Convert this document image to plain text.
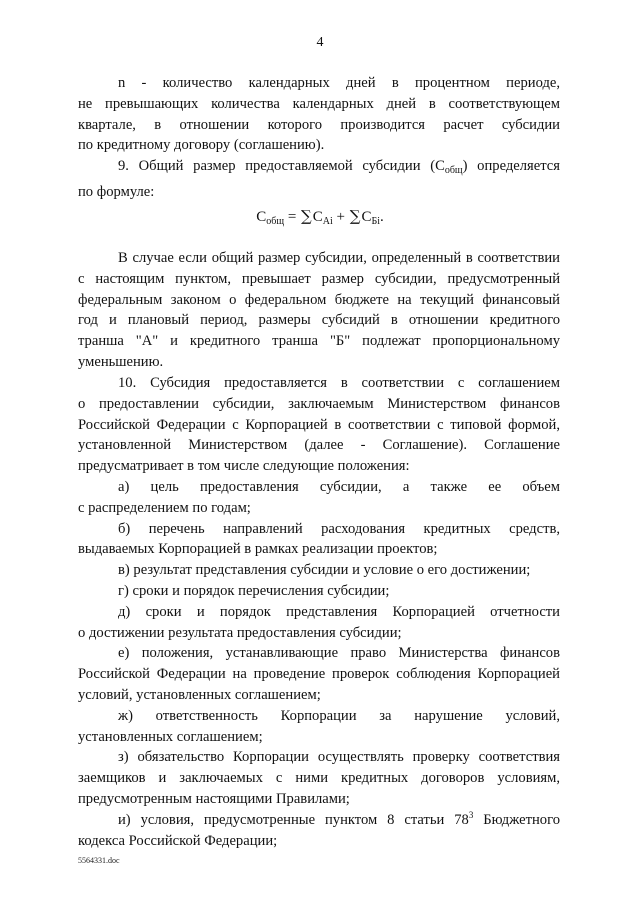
4

n - количество календарных дней в процентном периоде,

не превышающих количества календарных дней в соответствующем

квартале, в отношении которого производится расчет субсидии

по кредитному договору (соглашению).

9. Общий размер предоставляемой субсидии $(С_{общ})$ определяется

по формуле:

$С_{общ} = \sum С_{Ai} + \sum С_{Бi}$.

В случае если общий размер субсидии, определенный в соответствии

с настоящим пунктом, превышает размер субсидии, предусмотренный

федеральным законом о федеральном бюджете на текущий финансовый

год и плановый период, размеры субсидий в отношении кредитного

транша "А" и кредитного транша "Б" подлежат пропорциональному

уменьшению.

10. Субсидия предоставляется в соответствии с соглашением

о предоставлении субсидии, заключаемым Министерством финансов

Российской Федерации с Корпорацией в соответствии с типовой формой,

установленной Министерством (далее - Соглашение). Соглашение

предусматривает в том числе следующие положения:

а) цель предоставления субсидии, а также ее объем

с распределением по годам;

б) перечень направлений расходования кредитных средств,

выдаваемых Корпорацией в рамках реализации проектов;

в) результат представления субсидии и условие о его достижении;

г) сроки и порядок перечисления субсидии;

д) сроки и порядок представления Корпорацией отчетности

о достижении результата предоставления субсидии;

е) положения, устанавливающие право Министерства финансов

Российской Федерации на проведение проверок соблюдения Корпорацией

условий, установленных соглашением;

ж) ответственность Корпорации за нарушение условий,

установленных соглашением;

з) обязательство Корпорации осуществлять проверку соответствия

заемщиков и заключаемых с ними кредитных договоров условиям,

предусмотренным настоящими Правилами;

и) условия, предусмотренные пунктом 8 статьи 78$^3$ Бюджетного

кодекса Российской Федерации;

5564331.doc
